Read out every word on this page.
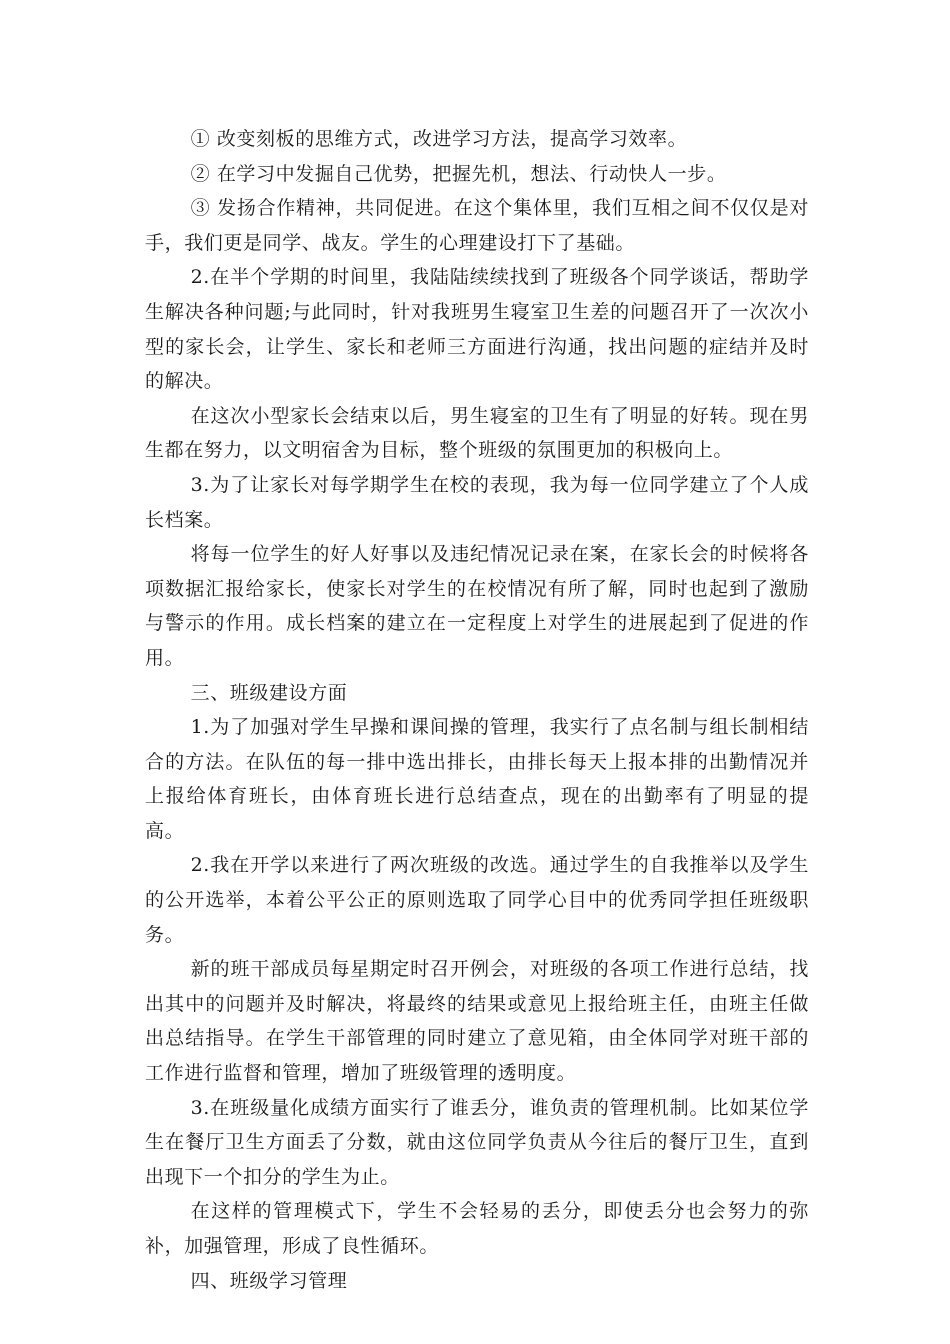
① 改变刻板的思维方式，改进学习方法，提高学习效率。

② 在学习中发掘自己优势，把握先机，想法、行动快人一步。

③ 发扬合作精神，共同促进。在这个集体里，我们互相之间不仅仅是对手，我们更是同学、战友。学生的心理建设打下了基础。

2.在半个学期的时间里，我陆陆续续找到了班级各个同学谈话，帮助学生解决各种问题;与此同时，针对我班男生寝室卫生差的问题召开了一次次小型的家长会，让学生、家长和老师三方面进行沟通，找出问题的症结并及时的解决。

在这次小型家长会结束以后，男生寝室的卫生有了明显的好转。现在男生都在努力，以文明宿舍为目标，整个班级的氛围更加的积极向上。

3.为了让家长对每学期学生在校的表现，我为每一位同学建立了个人成长档案。

将每一位学生的好人好事以及违纪情况记录在案，在家长会的时候将各项数据汇报给家长，使家长对学生的在校情况有所了解，同时也起到了激励与警示的作用。成长档案的建立在一定程度上对学生的进展起到了促进的作用。

三、班级建设方面

1.为了加强对学生早操和课间操的管理，我实行了点名制与组长制相结合的方法。在队伍的每一排中选出排长，由排长每天上报本排的出勤情况并上报给体育班长，由体育班长进行总结查点，现在的出勤率有了明显的提高。

2.我在开学以来进行了两次班级的改选。通过学生的自我推举以及学生的公开选举，本着公平公正的原则选取了同学心目中的优秀同学担任班级职务。

新的班干部成员每星期定时召开例会，对班级的各项工作进行总结，找出其中的问题并及时解决，将最终的结果或意见上报给班主任，由班主任做出总结指导。在学生干部管理的同时建立了意见箱，由全体同学对班干部的工作进行监督和管理，增加了班级管理的透明度。

3.在班级量化成绩方面实行了谁丢分，谁负责的管理机制。比如某位学生在餐厅卫生方面丢了分数，就由这位同学负责从今往后的餐厅卫生，直到出现下一个扣分的学生为止。

在这样的管理模式下，学生不会轻易的丢分，即使丢分也会努力的弥补，加强管理，形成了良性循环。

四、班级学习管理
